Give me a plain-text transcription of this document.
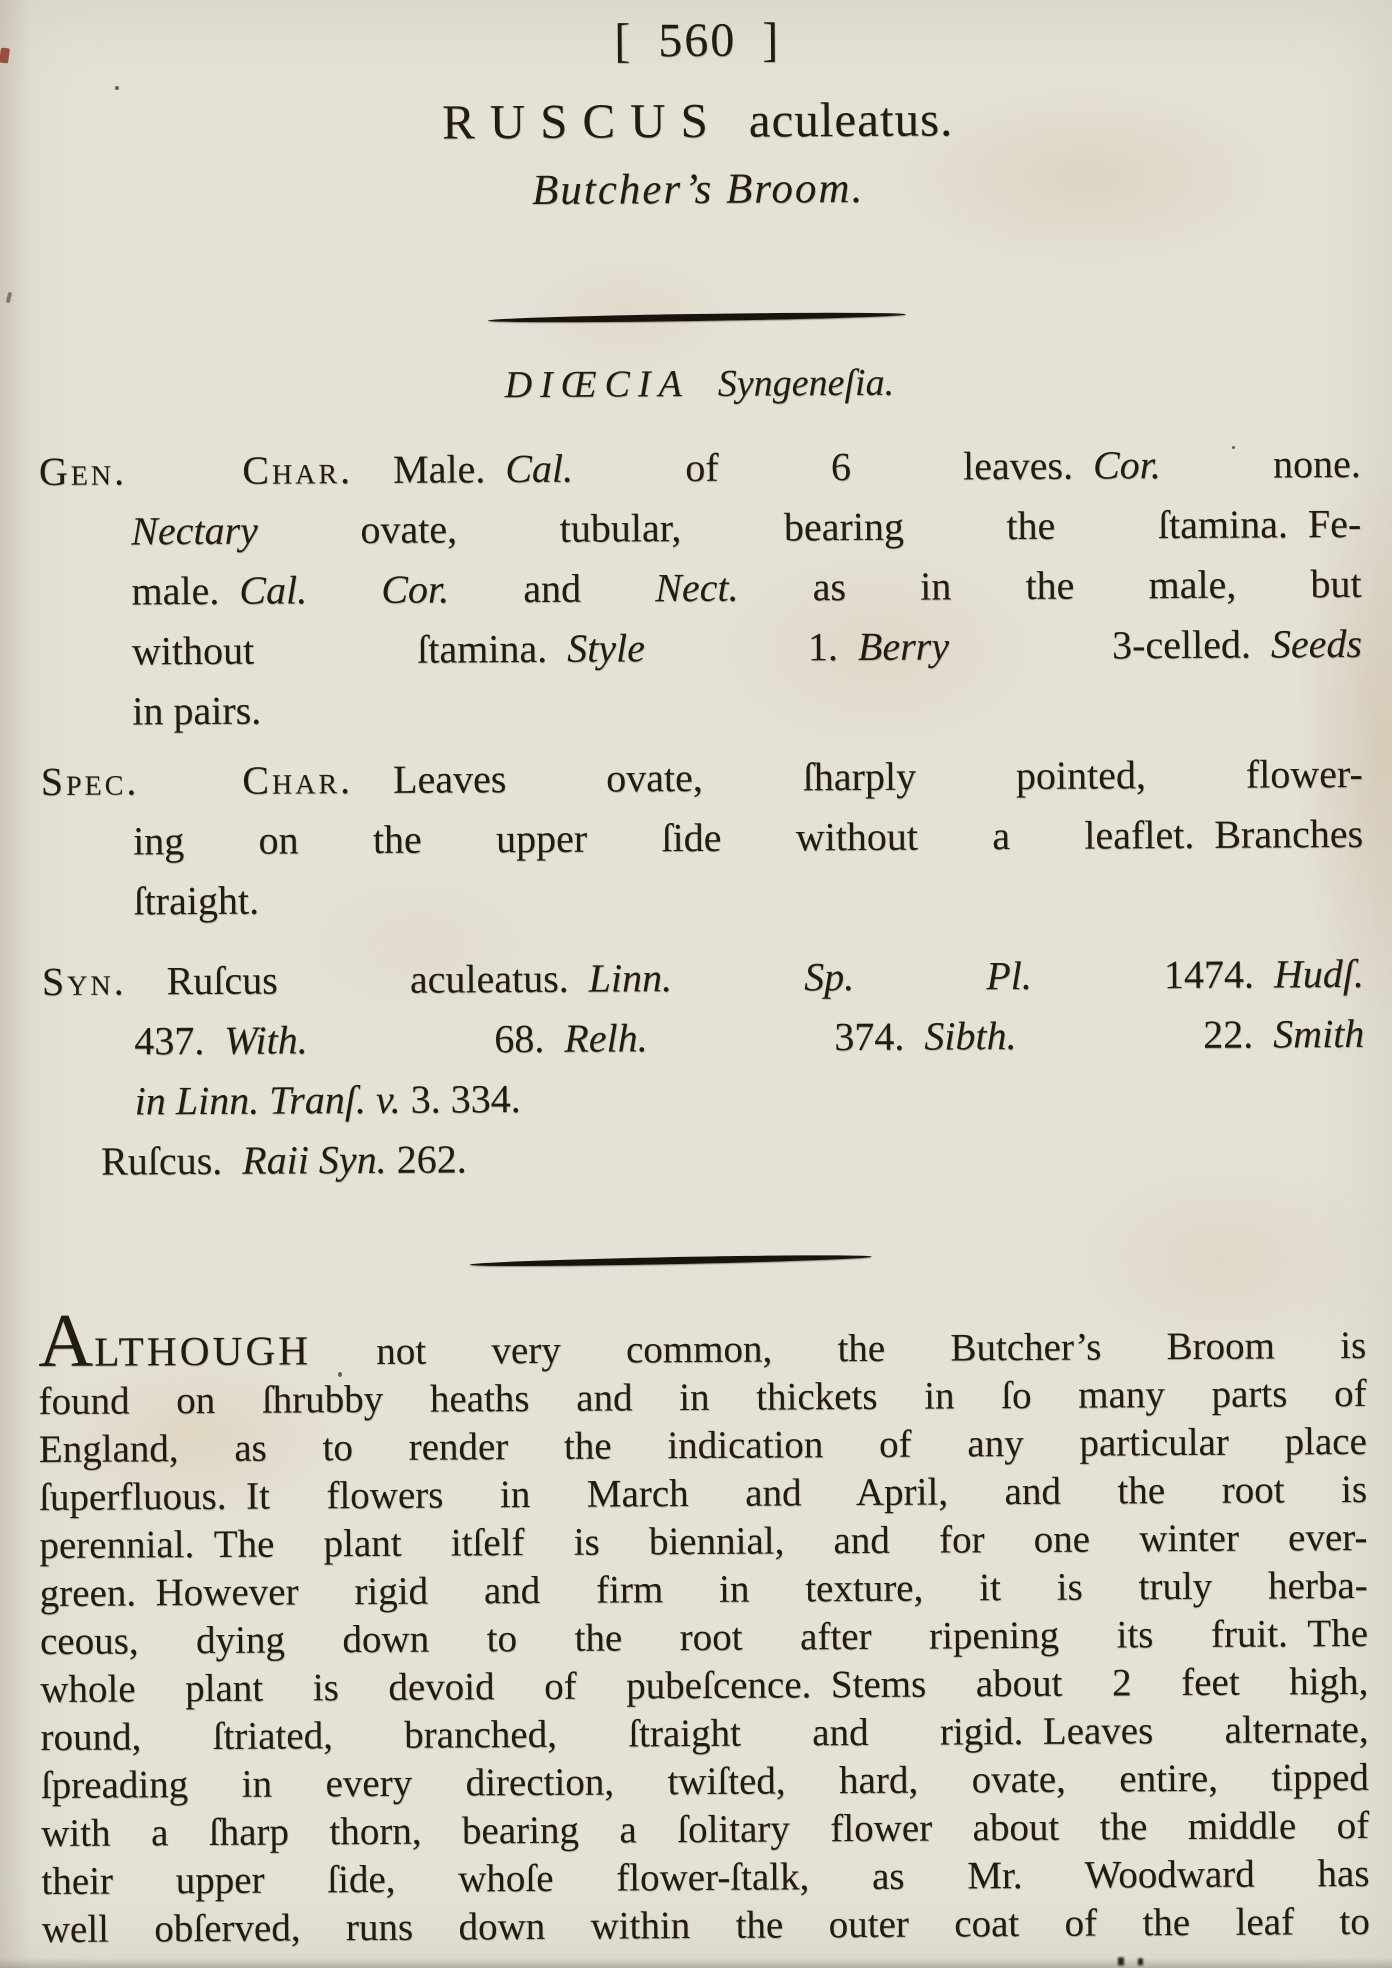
[ 560 ]
RUSCUS aculeatus.
Butcher’s Broom.
DIŒCIA Syngeneſia.
Gen. Char.  Male. Cal. of 6 leaves. Cor. none.
Nectary ovate, tubular, bearing the ſtamina. Fe-
male. Cal. Cor. and Nect. as in the male, but
without ſtamina. Style 1. Berry 3-celled. Seeds
in pairs.
Spec. Char.  Leaves ovate, ſharply pointed, flower-
ing on the upper ſide without a leaflet. Branches
ſtraight.
Syn.  Ruſcus aculeatus. Linn. Sp. Pl. 1474. Hudſ.
437. With. 68. Relh. 374. Sibth. 22. Smith
in Linn. Tranſ. v. 3. 334.
Ruſcus. Raii Syn. 262.
ALTHOUGH not very common, the Butcher’s Broom is
found on ſhrubby heaths and in thickets in ſo many parts of
England, as to render the indication of any particular place
ſuperfluous. It flowers in March and April, and the root is
perennial. The plant itſelf is biennial, and for one winter ever-
green. However rigid and firm in texture, it is truly herba-
ceous, dying down to the root after ripening its fruit. The
whole plant is devoid of pubeſcence. Stems about 2 feet high,
round, ſtriated, branched, ſtraight and rigid. Leaves alternate,
ſpreading in every direction, twiſted, hard, ovate, entire, tipped
with a ſharp thorn, bearing a ſolitary flower about the middle of
their upper ſide, whoſe flower-ſtalk, as Mr. Woodward has
well obſerved, runs down within the outer coat of the leaf to
